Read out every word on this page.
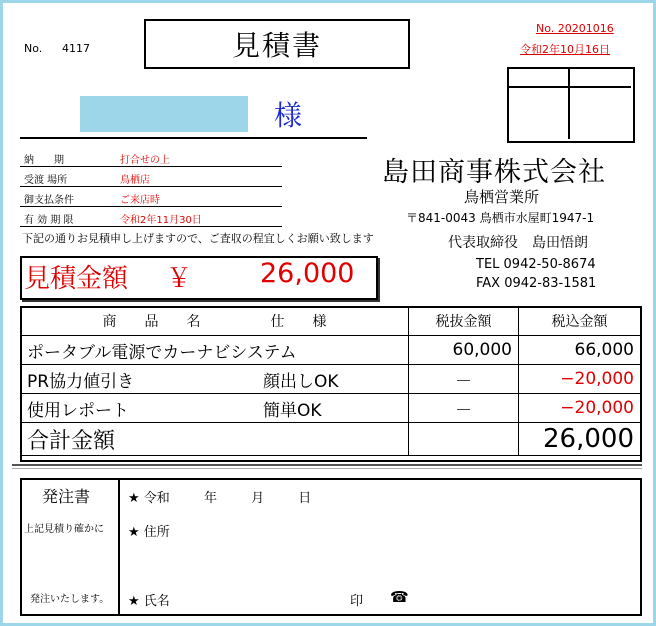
No. 4117	見積書
No. 20201016
令和2年10月16日
様
納　　期	打合せの上
受渡 場所	鳥栖店
御支払条件	ご来店時
有 効 期 限	令和2年11月30日
下記の通りお見積申し上げますので、ご査収の程宜しくお願い致します
島田商事株式会社
鳥栖営業所
〒841-0043 鳥栖市水屋町1947-1
代表取締役　島田悟朗
TEL 0942-50-8674
FAX 0942-83-1581
見積金額 ￥	26,000
商　　品　　名　　　　　仕　　様	税抜金額	税込金額
ポータブル電源でカーナビシステム	60,000	66,000
PR協力値引き 顔出しOK	－	−20,000
使用レポート 簡単OK	－	−20,000
合計金額		26,000
発注書
上記見積り確かに
発注いたします。
★ 令和	年	月	日
★ 住所
★ 氏名	印 ☎
